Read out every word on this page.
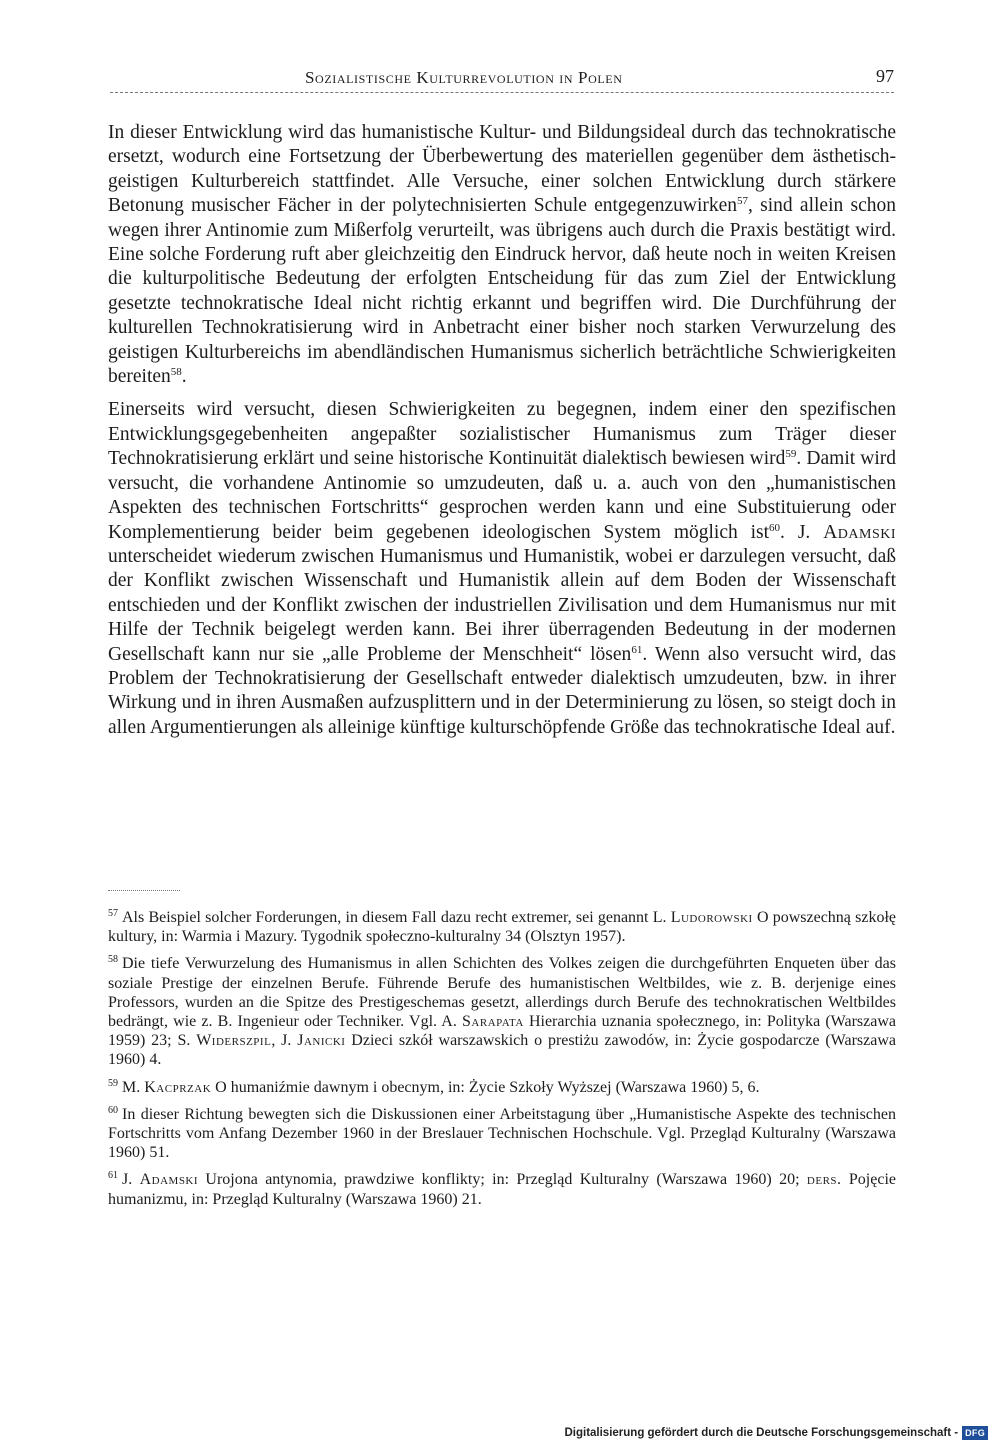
Sozialistische Kulturrevolution in Polen	97

In dieser Entwicklung wird das humanistische Kultur- und Bildungsideal durch das technokratische ersetzt, wodurch eine Fortsetzung der Überbewertung des materiellen gegenüber dem ästhetisch-geistigen Kulturbereich stattfindet. Alle Versuche, einer solchen Entwicklung durch stärkere Betonung musischer Fächer in der polytechnisierten Schule entgegenzuwirken$^{57}$, sind allein schon wegen ihrer Antinomie zum Mißerfolg verurteilt, was übrigens auch durch die Praxis bestätigt wird. Eine solche Forderung ruft aber gleichzeitig den Eindruck hervor, daß heute noch in weiten Kreisen die kulturpolitische Bedeutung der erfolgten Entscheidung für das zum Ziel der Entwicklung gesetzte technokratische Ideal nicht richtig erkannt und begriffen wird. Die Durchführung der kulturellen Technokratisierung wird in Anbetracht einer bisher noch starken Verwurzelung des geistigen Kulturbereichs im abendländischen Humanismus sicherlich beträchtliche Schwierigkeiten bereiten$^{58}$.

Einerseits wird versucht, diesen Schwierigkeiten zu begegnen, indem einer den spezifischen Entwicklungsgegebenheiten angepaßter sozialistischer Humanismus zum Träger dieser Technokratisierung erklärt und seine historische Kontinuität dialektisch bewiesen wird$^{59}$. Damit wird versucht, die vorhandene Antinomie so umzudeuten, daß u. a. auch von den „humanistischen Aspekten des technischen Fortschritts“ gesprochen werden kann und eine Substituierung oder Komplementierung beider beim gegebenen ideologischen System möglich ist$^{60}$. J. Adamski unterscheidet wiederum zwischen Humanismus und Humanistik, wobei er darzulegen versucht, daß der Konflikt zwischen Wissenschaft und Humanistik allein auf dem Boden der Wissenschaft entschieden und der Konflikt zwischen der industriellen Zivilisation und dem Humanismus nur mit Hilfe der Technik beigelegt werden kann. Bei ihrer überragenden Bedeutung in der modernen Gesellschaft kann nur sie „alle Probleme der Menschheit“ lösen$^{61}$. Wenn also versucht wird, das Problem der Technokratisierung der Gesellschaft entweder dialektisch umzudeuten, bzw. in ihrer Wirkung und in ihren Ausmaßen aufzusplittern und in der Determinierung zu lösen, so steigt doch in allen Argumentierungen als alleinige künftige kulturschöpfende Größe das technokratische Ideal auf.

$^{57}$ Als Beispiel solcher Forderungen, in diesem Fall dazu recht extremer, sei genannt L. Ludorowski O powszechną szkołę kultury, in: Warmia i Mazury. Tygodnik społeczno-kulturalny 34 (Olsztyn 1957).
$^{58}$ Die tiefe Verwurzelung des Humanismus in allen Schichten des Volkes zeigen die durchgeführten Enqueten über das soziale Prestige der einzelnen Berufe. Führende Berufe des humanistischen Weltbildes, wie z. B. derjenige eines Professors, wurden an die Spitze des Prestigeschemas gesetzt, allerdings durch Berufe des technokratischen Weltbildes bedrängt, wie z. B. Ingenieur oder Techniker. Vgl. A. Sarapata Hierarchia uznania społecznego, in: Polityka (Warszawa 1959) 23; S. Widerszpil, J. Janicki Dzieci szkół warszawskich o prestiżu zawodów, in: Życie gospodarcze (Warszawa 1960) 4.
$^{59}$ M. Kacprzak O humaniźmie dawnym i obecnym, in: Życie Szkoły Wyższej (Warszawa 1960) 5, 6.
$^{60}$ In dieser Richtung bewegten sich die Diskussionen einer Arbeitstagung über „Humanistische Aspekte des technischen Fortschritts vom Anfang Dezember 1960 in der Breslauer Technischen Hochschule. Vgl. Przegląd Kulturalny (Warszawa 1960) 51.
$^{61}$ J. Adamski Urojona antynomia, prawdziwe konflikty; in: Przegląd Kulturalny (Warszawa 1960) 20; ders. Pojęcie humanizmu, in: Przegląd Kulturalny (Warszawa 1960) 21.
Digitalisierung gefördert durch die Deutsche Forschungsgemeinschaft - DFG
